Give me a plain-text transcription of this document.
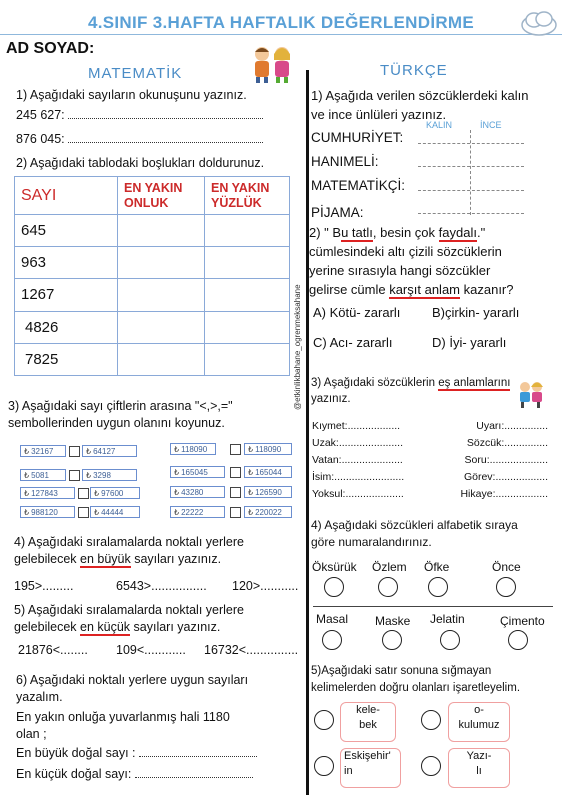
4.SINIF 3.HAFTA HAFTALIK DEĞERLENDİRME
AD SOYAD:
@etkinlikbahane_ogrenmeksahane
MATEMATİK
1) Aşağıdaki sayıların okunuşunu yazınız.
245 627:
876 045:
2) Aşağıdaki tablodaki boşlukları doldurunuz.
SAYI	EN YAKIN ONLUK	EN YAKIN YÜZLÜK
645		
963		
1267		
4826		
7825		
3) Aşağıdaki sayı çiftlerin arasına "<,>,="
sembollerinden uygun olanını koyunuz.
₺ 32167	₺ 64127	₺ 118090	₺ 118090
₺ 5081	₺ 3298	₺ 165045	₺ 165044
₺ 127843	₺ 97600	₺ 43280	₺ 126590
₺ 988120	₺ 44444	₺ 22222	₺ 220022
4) Aşağıdaki sıralamalarda noktalı yerlere
gelebilecek en büyük sayıları yazınız.
195>.........	6543>................ 120>...........
5) Aşağıdaki sıralamalarda noktalı yerlere
gelebilecek en küçük sayıları yazınız.
21876<........ 109<............ 16732<...............
6) Aşağıdaki noktalı yerlere uygun sayıları
yazalım.
En yakın onluğa yuvarlanmış hali 1180
olan ;
En büyük doğal sayı :
En küçük doğal sayı:
TÜRKÇE
1) Aşağıda verilen sözcüklerdeki kalın
ve ince ünlüleri yazınız.
KALIN	İNCE
CUMHURİYET:
HANIMELİ:
MATEMATİKÇİ:
PİJAMA:
2) " Bu tatlı, besin çok faydalı."
cümlesindeki altı çizili sözcüklerin
yerine sırasıyla hangi sözcükler
gelirse cümle karşıt anlam kazanır?
A) Kötü- zararlı B)çirkin- yararlı
C) Acı- zararlı	D) İyi- yararlı
3) Aşağıdaki sözcüklerin eş anlamlarını
yazınız.
Kıymet:..................
Uzak:......................
Vatan:.....................
İsim:........................
Yoksul:....................
Uyarı:...............
Sözcük:...............
Soru:....................
Görev:..................
Hikaye:..................
4) Aşağıdaki sözcükleri alfabetik sıraya
göre numaralandırınız.
Öksürük Özlem Öfke	Önce
Masal Maske Jelatin	Çimento
5)Aşağıdaki satır sonuna sığmayan
kelimelerden doğru olanları işaretleyelim.
kele-
bek
o-
kulumuz
Eskişehir'
in
Yazı-
lı
